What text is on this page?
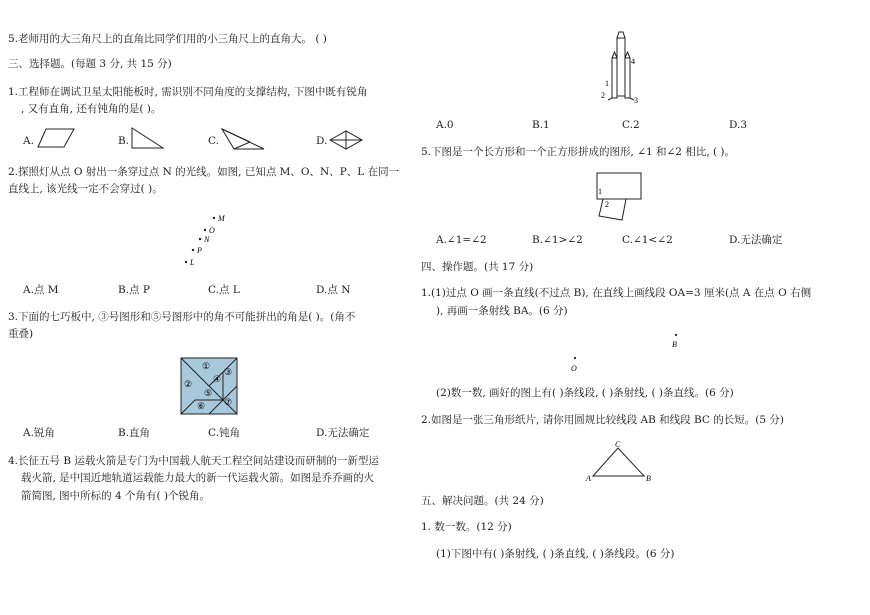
5.老师用的大三角尺上的直角比同学们用的小三角尺上的直角大。 ( )
三、选择题。(每题 3 分, 共 15 分)
1.工程师在调试卫星太阳能板时, 需识别不同角度的支撑结构, 下图中既有锐角
, 又有直角, 还有钝角的是( )。
A.	B.	C.	D.
2.探照灯从点 O 射出一条穿过点 N 的光线。如图, 已知点 M、O、N、P、L 在同一
直线上, 该光线一定不会穿过( )。
M
O
N
P
L
A.点 M	B.点 P	C.点 L	D.点 N
3.下面的七巧板中, ③号图形和⑤号图形中的角不可能拼出的角是( )。(角不
重叠)
①
②
③
④
⑤
⑥ ⑦
A.锐角	B.直角	C.钝角	D.无法确定
4.长征五号 B 运载火箭是专门为中国载人航天工程空间站建设而研制的一新型运
载火箭, 是中国近地轨道运载能力最大的新一代运载火箭。如图是乔乔画的火
箭简图, 图中所标的 4 个角有( )个锐角。
1
2
4
3
A.0	B.1	C.2	D.3
5.下图是一个长方形和一个正方形拼成的图形, ∠1 和∠2 相比, ( )。
1
2
A.∠1=∠2	B.∠1>∠2	C.∠1<∠2	D.无法确定
四、操作题。(共 17 分)
1.(1)过点 O 画一条直线(不过点 B), 在直线上画线段 OA=3 厘米(点 A 在点 O 右侧
), 再画一条射线 BA。(6 分)
B
O
(2)数一数, 画好的图上有( )条线段, ( )条射线, ( )条直线。(6 分)
2.如图是一张三角形纸片, 请你用圆规比较线段 AB 和线段 BC 的长短。(5 分)
C
A	B
五、解决问题。(共 24 分)
1. 数一数。(12 分)
(1)下图中有( )条射线, ( )条直线, ( )条线段。(6 分)
